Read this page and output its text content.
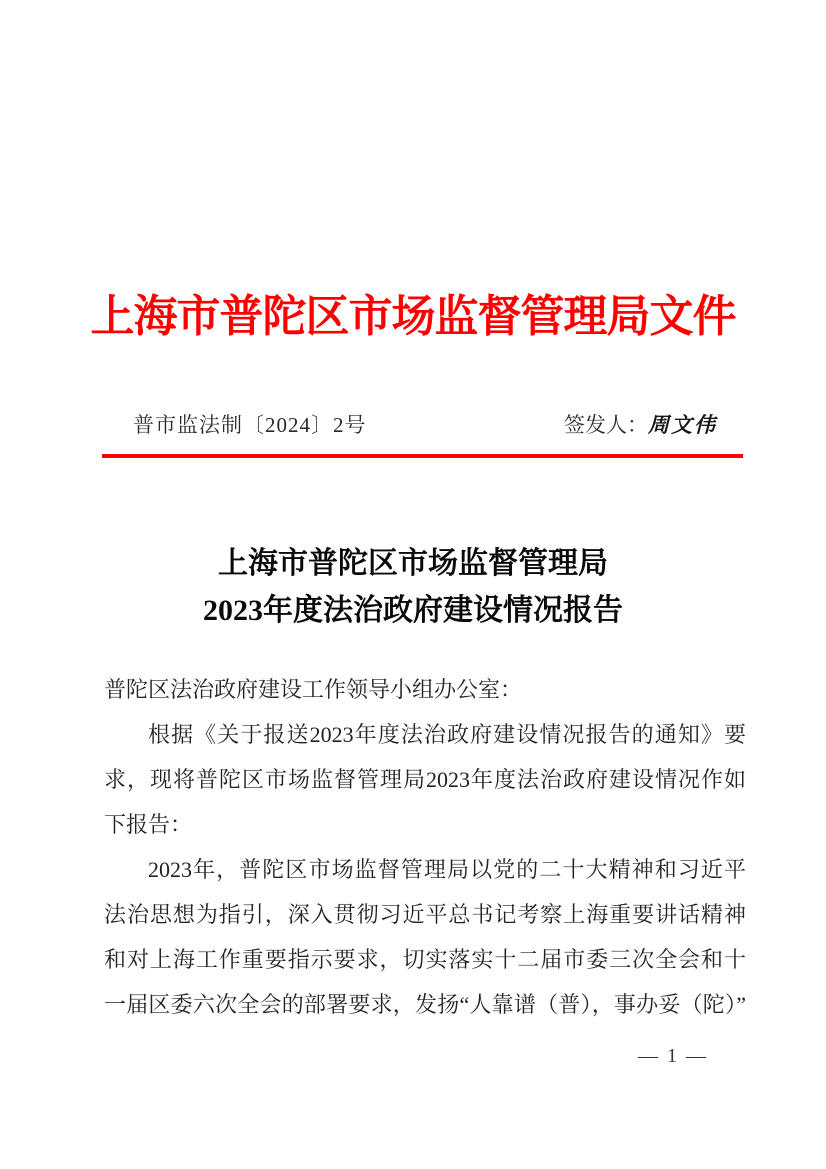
上海市普陀区市场监督管理局文件
普市监法制〔2024〕2号	签发人：周文伟
上海市普陀区市场监督管理局
2023年度法治政府建设情况报告
普陀区法治政府建设工作领导小组办公室：
根据《关于报送2023年度法治政府建设情况报告的通知》要
求，现将普陀区市场监督管理局2023年度法治政府建设情况作如
下报告：
2023年，普陀区市场监督管理局以党的二十大精神和习近平
法治思想为指引，深入贯彻习近平总书记考察上海重要讲话精神
和对上海工作重要指示要求，切实落实十二届市委三次全会和十
一届区委六次全会的部署要求，发扬“人靠谱（普），事办妥（陀）”
— 1 —
